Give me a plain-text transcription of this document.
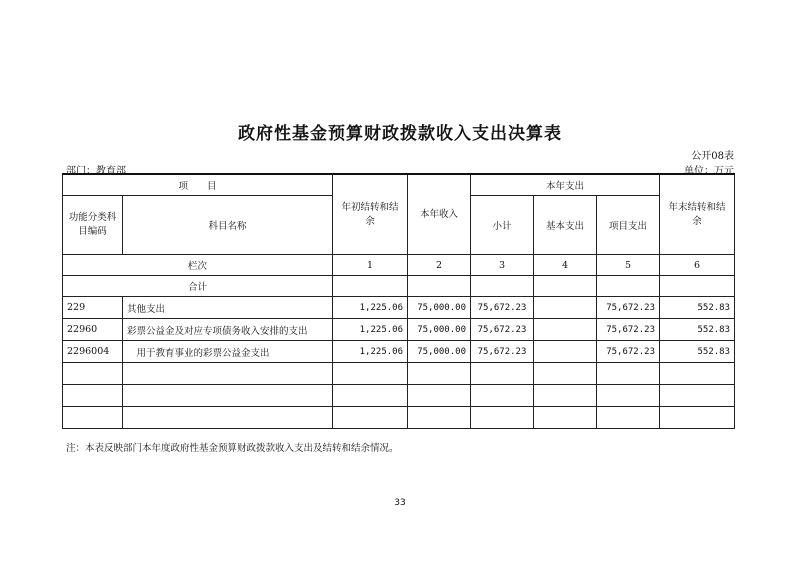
政府性基金预算财政拨款收入支出决算表
公开08表
部门：教育部	单位：万元
项　　目		年初结转和结余	本年收入	本年支出			年末结转和结余
功能分类科目编码	科目名称			小计	基本支出	项目支出	
栏次		1	2	3	4	5	6
合计							
229	其他支出	1,225.06	75,000.00	75,672.23		75,672.23	552.83
22960	彩票公益金及对应专项债务收入安排的支出	1,225.06	75,000.00	75,672.23		75,672.23	552.83
2296004	　用于教育事业的彩票公益金支出	1,225.06	75,000.00	75,672.23		75,672.23	552.83

注：本表反映部门本年度政府性基金预算财政拨款收入支出及结转和结余情况。
33
